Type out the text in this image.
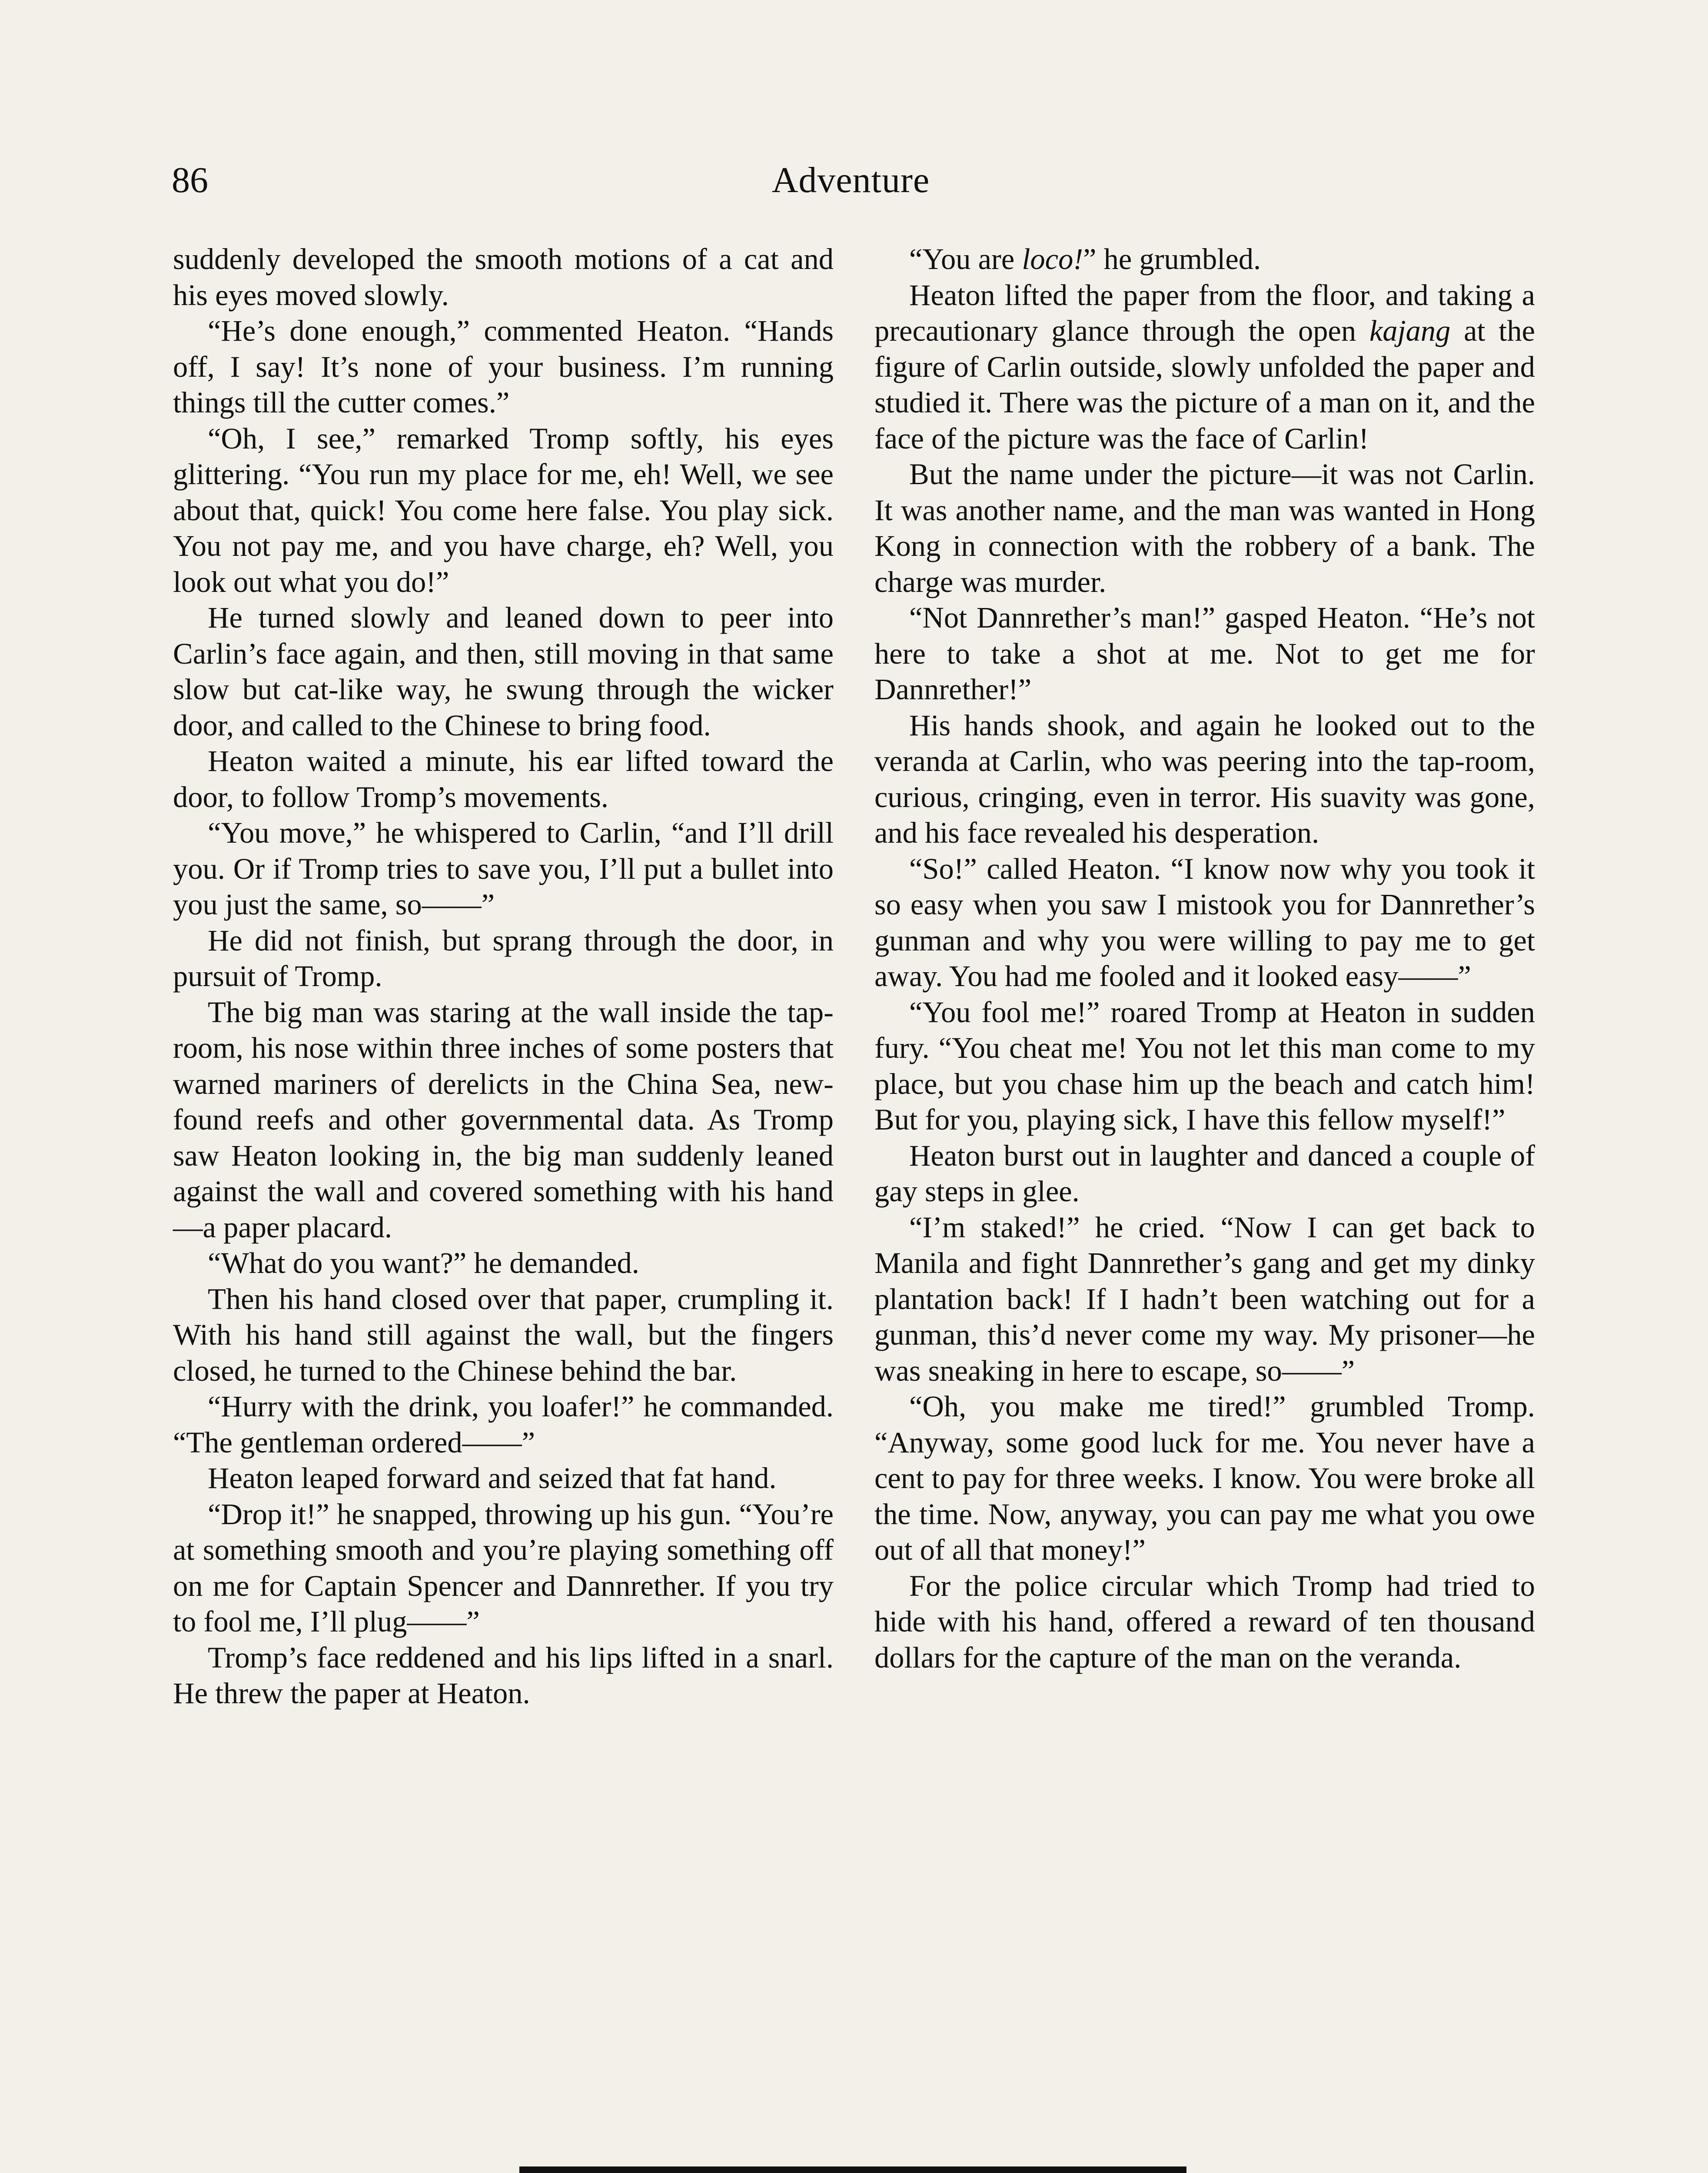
86	Adventure

suddenly developed the smooth motions of a cat and his eyes moved slowly.

“He’s done enough,” commented Heaton. “Hands off, I say! It’s none of your business. I’m running things till the cutter comes.”

“Oh, I see,” remarked Tromp softly, his eyes glittering. “You run my place for me, eh! Well, we see about that, quick! You come here false. You play sick. You not pay me, and you have charge, eh? Well, you look out what you do!”

He turned slowly and leaned down to peer into Carlin’s face again, and then, still moving in that same slow but cat-like way, he swung through the wicker door, and called to the Chinese to bring food.

Heaton waited a minute, his ear lifted toward the door, to follow Tromp’s movements.

“You move,” he whispered to Carlin, “and I’ll drill you. Or if Tromp tries to save you, I’ll put a bullet into you just the same, so——”

He did not finish, but sprang through the door, in pursuit of Tromp.

The big man was staring at the wall inside the tap-room, his nose within three inches of some posters that warned mariners of derelicts in the China Sea, new-found reefs and other governmental data. As Tromp saw Heaton looking in, the big man suddenly leaned against the wall and covered something with his hand—a paper placard.

“What do you want?” he demanded.

Then his hand closed over that paper, crumpling it. With his hand still against the wall, but the fingers closed, he turned to the Chinese behind the bar.

“Hurry with the drink, you loafer!” he commanded. “The gentleman ordered——”

Heaton leaped forward and seized that fat hand.

“Drop it!” he snapped, throwing up his gun. “You’re at something smooth and you’re playing something off on me for Captain Spencer and Dannrether. If you try to fool me, I’ll plug——”

Tromp’s face reddened and his lips lifted in a snarl. He threw the paper at Heaton.

“You are loco!” he grumbled.

Heaton lifted the paper from the floor, and taking a precautionary glance through the open kajang at the figure of Carlin outside, slowly unfolded the paper and studied it. There was the picture of a man on it, and the face of the picture was the face of Carlin!

But the name under the picture—it was not Carlin. It was another name, and the man was wanted in Hong Kong in connection with the robbery of a bank. The charge was murder.

“Not Dannrether’s man!” gasped Heaton. “He’s not here to take a shot at me. Not to get me for Dannrether!”

His hands shook, and again he looked out to the veranda at Carlin, who was peering into the tap-room, curious, cringing, even in terror. His suavity was gone, and his face revealed his desperation.

“So!” called Heaton. “I know now why you took it so easy when you saw I mistook you for Dannrether’s gunman and why you were willing to pay me to get away. You had me fooled and it looked easy——”

“You fool me!” roared Tromp at Heaton in sudden fury. “You cheat me! You not let this man come to my place, but you chase him up the beach and catch him! But for you, playing sick, I have this fellow myself!”

Heaton burst out in laughter and danced a couple of gay steps in glee.

“I’m staked!” he cried. “Now I can get back to Manila and fight Dannrether’s gang and get my dinky plantation back! If I hadn’t been watching out for a gunman, this’d never come my way. My prisoner—he was sneaking in here to escape, so——”

“Oh, you make me tired!” grumbled Tromp. “Anyway, some good luck for me. You never have a cent to pay for three weeks. I know. You were broke all the time. Now, anyway, you can pay me what you owe out of all that money!”

For the police circular which Tromp had tried to hide with his hand, offered a reward of ten thousand dollars for the capture of the man on the veranda.
